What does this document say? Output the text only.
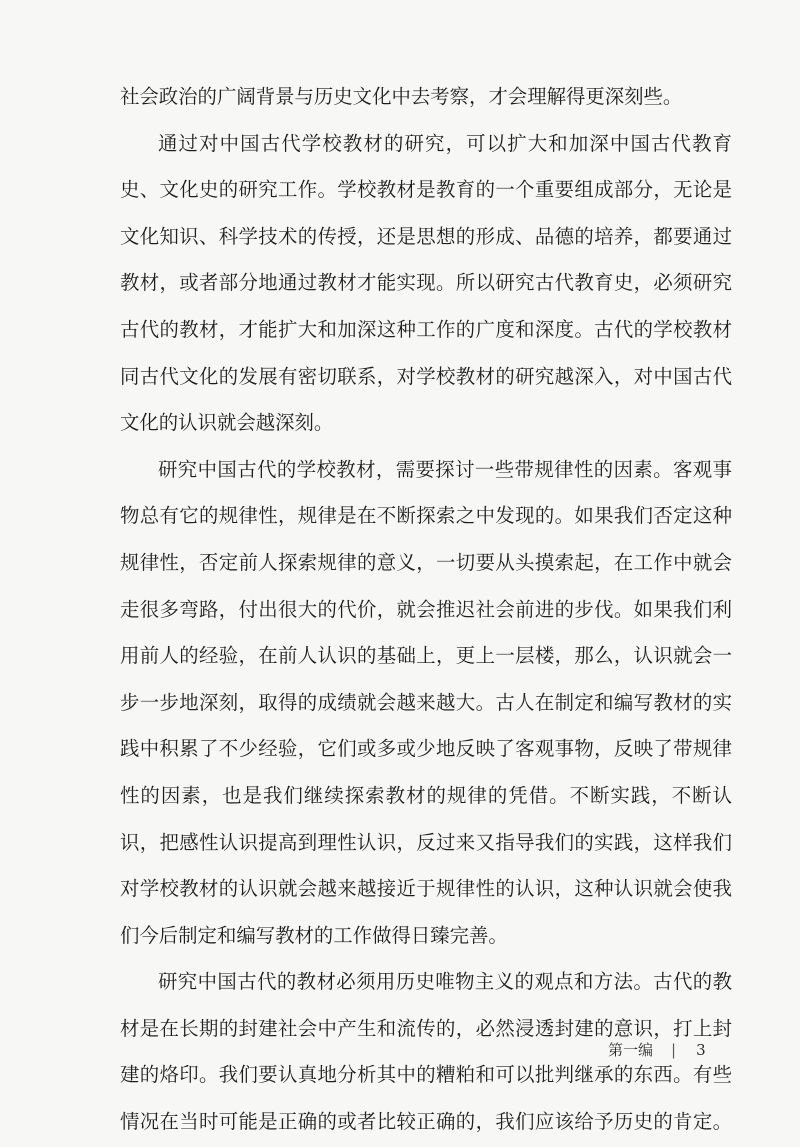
社会政治的广阔背景与历史文化中去考察，才会理解得更深刻些。
通过对中国古代学校教材的研究，可以扩大和加深中国古代教育
史、文化史的研究工作。学校教材是教育的一个重要组成部分，无论是
文化知识、科学技术的传授，还是思想的形成、品德的培养，都要通过
教材，或者部分地通过教材才能实现。所以研究古代教育史，必须研究
古代的教材，才能扩大和加深这种工作的广度和深度。古代的学校教材
同古代文化的发展有密切联系，对学校教材的研究越深入，对中国古代
文化的认识就会越深刻。
研究中国古代的学校教材，需要探讨一些带规律性的因素。客观事
物总有它的规律性，规律是在不断探索之中发现的。如果我们否定这种
规律性，否定前人探索规律的意义，一切要从头摸索起，在工作中就会
走很多弯路，付出很大的代价，就会推迟社会前进的步伐。如果我们利
用前人的经验，在前人认识的基础上，更上一层楼，那么，认识就会一
步一步地深刻，取得的成绩就会越来越大。古人在制定和编写教材的实
践中积累了不少经验，它们或多或少地反映了客观事物，反映了带规律
性的因素，也是我们继续探索教材的规律的凭借。不断实践，不断认
识，把感性认识提高到理性认识，反过来又指导我们的实践，这样我们
对学校教材的认识就会越来越接近于规律性的认识，这种认识就会使我
们今后制定和编写教材的工作做得日臻完善。
研究中国古代的教材必须用历史唯物主义的观点和方法。古代的教
材是在长期的封建社会中产生和流传的，必然浸透封建的意识，打上封
建的烙印。我们要认真地分析其中的糟粕和可以批判继承的东西。有些
情况在当时可能是正确的或者比较正确的，我们应该给予历史的肯定。
第一编 | 3
